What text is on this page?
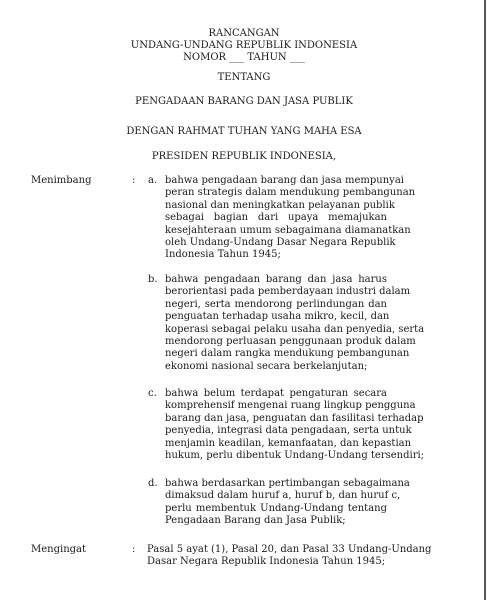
RANCANGAN
UNDANG-UNDANG REPUBLIK INDONESIA
NOMOR ___ TAHUN ___
TENTANG
PENGADAAN BARANG DAN JASA PUBLIK
DENGAN RAHMAT TUHAN YANG MAHA ESA
PRESIDEN REPUBLIK INDONESIA,
Menimbang	: a. bahwa pengadaan barang dan jasa mempunyai
peran strategis dalam mendukung pembangunan
nasional dan meningkatkan pelayanan publik
sebagai bagian dari upaya memajukan
kesejahteraan umum sebagaimana diamanatkan
oleh Undang-Undang Dasar Negara Republik
Indonesia Tahun 1945;
b. bahwa pengadaan barang dan jasa harus
berorientasi pada pemberdayaan industri dalam
negeri, serta mendorong perlindungan dan
penguatan terhadap usaha mikro, kecil, dan
koperasi sebagai pelaku usaha dan penyedia, serta
mendorong perluasan penggunaan produk dalam
negeri dalam rangka mendukung pembangunan
ekonomi nasional secara berkelanjutan;
c. bahwa belum terdapat pengaturan secara
komprehensif mengenai ruang lingkup pengguna
barang dan jasa, penguatan dan fasilitasi terhadap
penyedia, integrasi data pengadaan, serta untuk
menjamin keadilan, kemanfaatan, dan kepastian
hukum, perlu dibentuk Undang-Undang tersendiri;
d. bahwa berdasarkan pertimbangan sebagaimana
dimaksud dalam huruf a, huruf b, dan huruf c,
perlu membentuk Undang-Undang tentang
Pengadaan Barang dan Jasa Publik;
Mengingat	: Pasal 5 ayat (1), Pasal 20, dan Pasal 33 Undang-Undang
Dasar Negara Republik Indonesia Tahun 1945;
